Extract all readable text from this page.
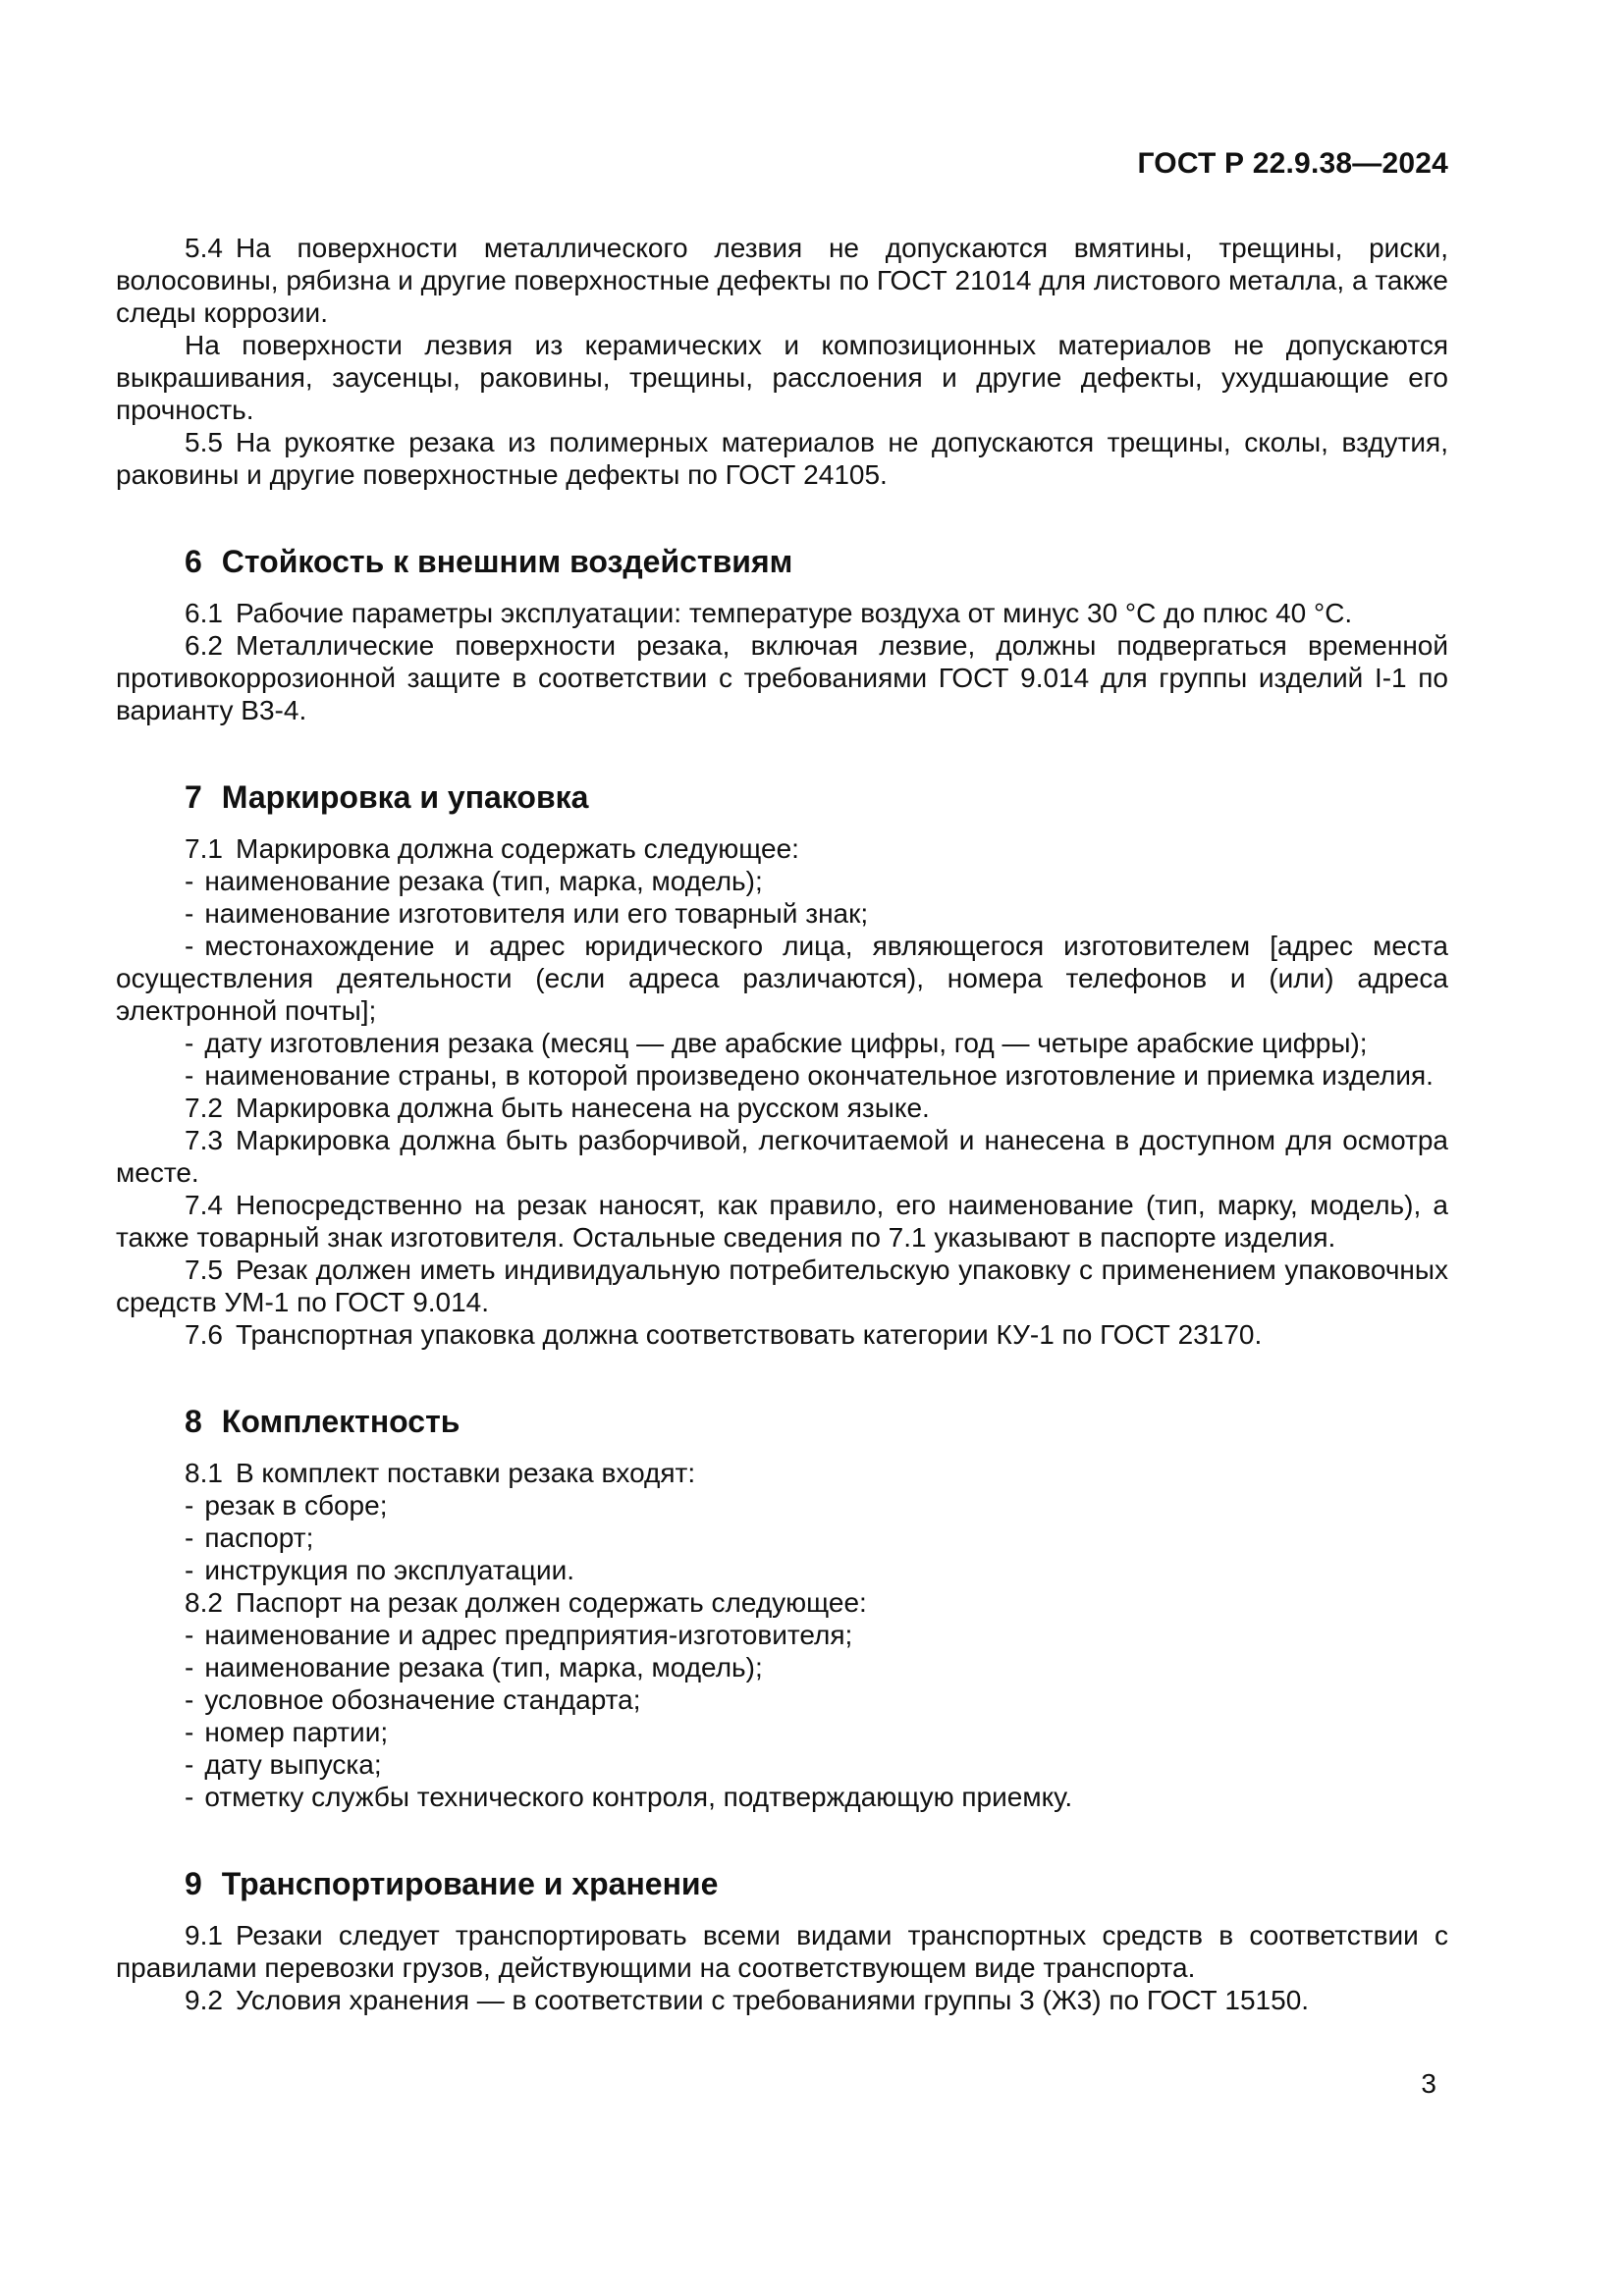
ГОСТ Р 22.9.38—2024

5.4 На поверхности металлического лезвия не допускаются вмятины, трещины, риски, волосовины, рябизна и другие поверхностные дефекты по ГОСТ 21014 для листового металла, а также следы коррозии.

На поверхности лезвия из керамических и композиционных материалов не допускаются выкрашивания, заусенцы, раковины, трещины, расслоения и другие дефекты, ухудшающие его прочность.

5.5 На рукоятке резака из полимерных материалов не допускаются трещины, сколы, вздутия, раковины и другие поверхностные дефекты по ГОСТ 24105.

6 Стойкость к внешним воздействиям

6.1 Рабочие параметры эксплуатации: температуре воздуха от минус 30 °С до плюс 40 °С.

6.2 Металлические поверхности резака, включая лезвие, должны подвергаться временной противокоррозионной защите в соответствии с требованиями ГОСТ 9.014 для группы изделий I-1 по варианту В3-4.

7 Маркировка и упаковка

7.1 Маркировка должна содержать следующее:

- наименование резака (тип, марка, модель);

- наименование изготовителя или его товарный знак;

- местонахождение и адрес юридического лица, являющегося изготовителем [адрес места осуществления деятельности (если адреса различаются), номера телефонов и (или) адреса электронной почты];

- дату изготовления резака (месяц — две арабские цифры, год — четыре арабские цифры);

- наименование страны, в которой произведено окончательное изготовление и приемка изделия.

7.2 Маркировка должна быть нанесена на русском языке.

7.3 Маркировка должна быть разборчивой, легкочитаемой и нанесена в доступном для осмотра месте.

7.4 Непосредственно на резак наносят, как правило, его наименование (тип, марку, модель), а также товарный знак изготовителя. Остальные сведения по 7.1 указывают в паспорте изделия.

7.5 Резак должен иметь индивидуальную потребительскую упаковку с применением упаковочных средств УМ-1 по ГОСТ 9.014.

7.6 Транспортная упаковка должна соответствовать категории КУ-1 по ГОСТ 23170.

8 Комплектность

8.1 В комплект поставки резака входят:

- резак в сборе;

- паспорт;

- инструкция по эксплуатации.

8.2 Паспорт на резак должен содержать следующее:

- наименование и адрес предприятия-изготовителя;

- наименование резака (тип, марка, модель);

- условное обозначение стандарта;

- номер партии;

- дату выпуска;

- отметку службы технического контроля, подтверждающую приемку.

9 Транспортирование и хранение

9.1 Резаки следует транспортировать всеми видами транспортных средств в соответствии с правилами перевозки грузов, действующими на соответствующем виде транспорта.

9.2 Условия хранения — в соответствии с требованиями группы 3 (Ж3) по ГОСТ 15150.

3
